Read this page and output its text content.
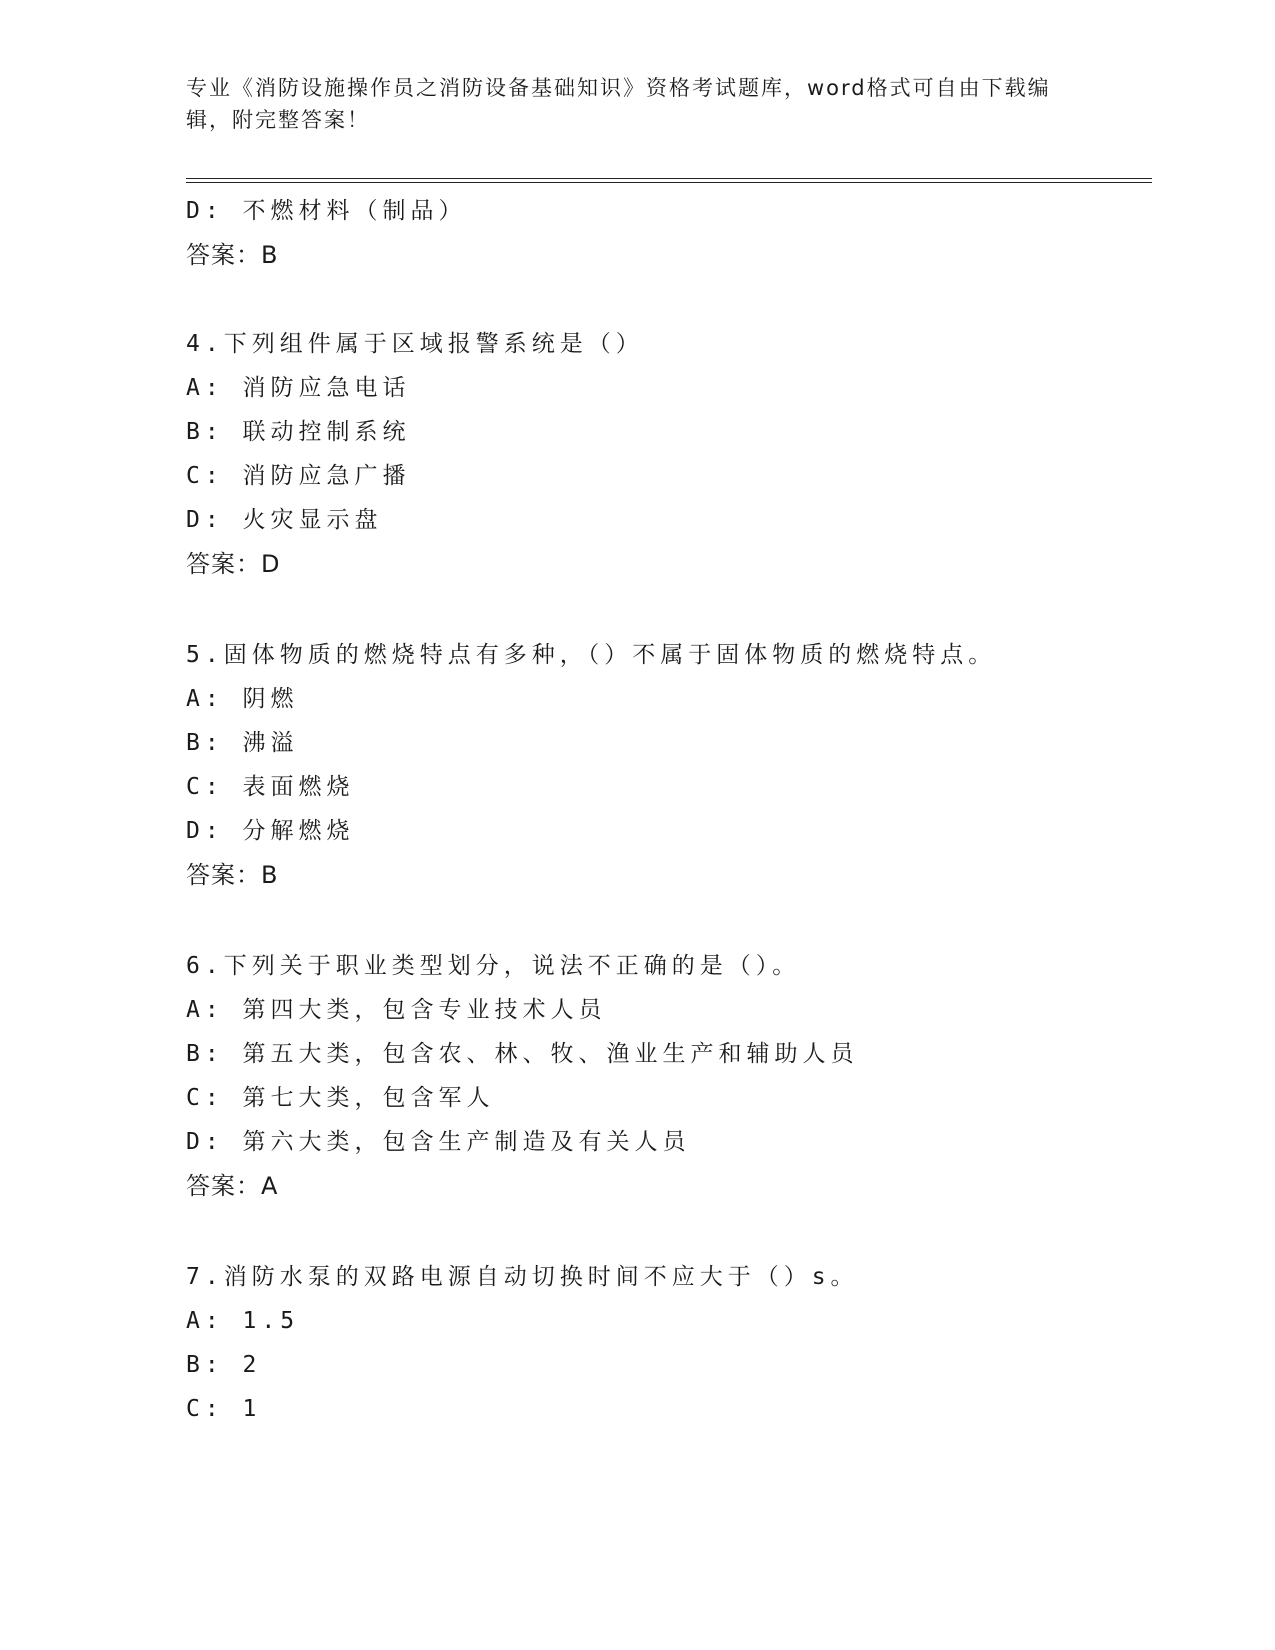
专业《消防设施操作员之消防设备基础知识》资格考试题库，word格式可自由下载编辑，附完整答案！
D: 不燃材料（制品）
答案：B
4.下列组件属于区域报警系统是（）
A: 消防应急电话
B: 联动控制系统
C: 消防应急广播
D: 火灾显示盘
答案：D
5.固体物质的燃烧特点有多种，（）不属于固体物质的燃烧特点。
A: 阴燃
B: 沸溢
C: 表面燃烧
D: 分解燃烧
答案：B
6.下列关于职业类型划分，说法不正确的是（）。
A: 第四大类，包含专业技术人员
B: 第五大类，包含农、林、牧、渔业生产和辅助人员
C: 第七大类，包含军人
D: 第六大类，包含生产制造及有关人员
答案：A
7.消防水泵的双路电源自动切换时间不应大于（）s。
A: 1.5
B: 2
C: 1
